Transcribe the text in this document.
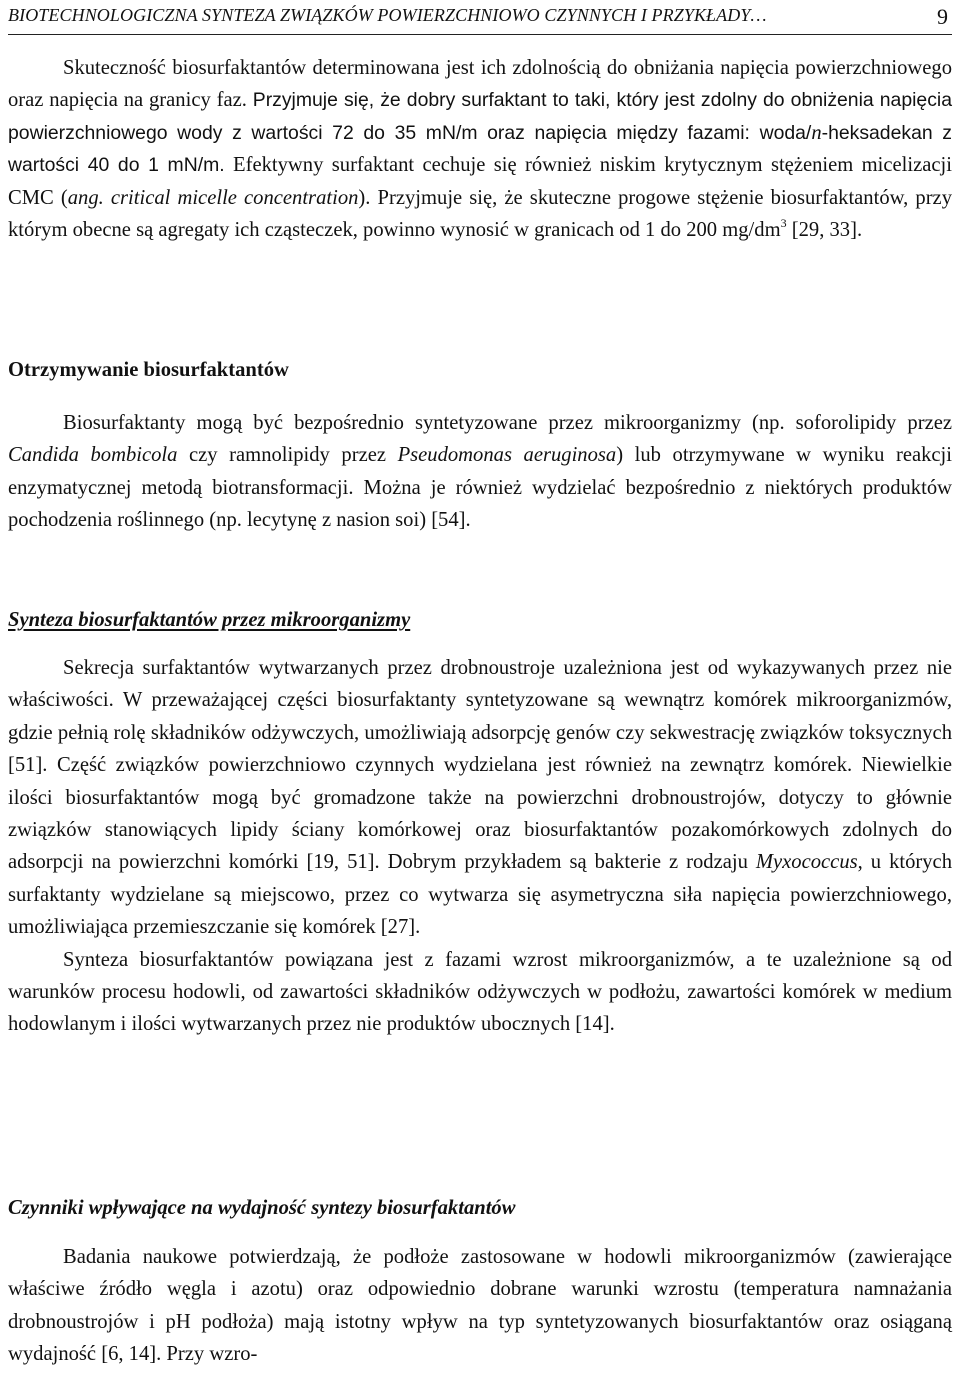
BIOTECHNOLOGICZNA SYNTEZA ZWIĄZKÓW POWIERZCHNIOWO CZYNNYCH I PRZYKŁADY…	9

Skuteczność biosurfaktantów determinowana jest ich zdolnością do obniżania napięcia powierzchniowego oraz napięcia na granicy faz. Przyjmuje się, że dobry surfaktant to taki, który jest zdolny do obniżenia napięcia powierzchniowego wody z wartości 72 do 35 mN/m oraz napięcia między fazami: woda/n-heksadekan z wartości 40 do 1 mN/m. Efektywny surfaktant cechuje się również niskim krytycznym stężeniem micelizacji CMC (ang. critical micelle concentration). Przyjmuje się, że skuteczne progowe stężenie biosurfaktantów, przy którym obecne są agregaty ich cząsteczek, powinno wynosić w granicach od 1 do 200 $mg/dm^3$ [29, 33].

Otrzymywanie biosurfaktantów

Biosurfaktanty mogą być bezpośrednio syntetyzowane przez mikroorganizmy (np. soforolipidy przez Candida bombicola czy ramnolipidy przez Pseudomonas aeruginosa) lub otrzymywane w wyniku reakcji enzymatycznej metodą biotransformacji. Można je również wydzielać bezpośrednio z niektórych produktów pochodzenia roślinnego (np. lecytynę z nasion soi) [54].

Synteza biosurfaktantów przez mikroorganizmy

Sekrecja surfaktantów wytwarzanych przez drobnoustroje uzależniona jest od wykazywanych przez nie właściwości. W przeważającej części biosurfaktanty syntetyzowane są wewnątrz komórek mikroorganizmów, gdzie pełnią rolę składników odżywczych, umożliwiają adsorpcję genów czy sekwestrację związków toksycznych [51]. Część związków powierzchniowo czynnych wydzielana jest również na zewnątrz komórek. Niewielkie ilości biosurfaktantów mogą być gromadzone także na powierzchni drobnoustrojów, dotyczy to głównie związków stanowiących lipidy ściany komórkowej oraz biosurfaktantów pozakomórkowych zdolnych do adsorpcji na powierzchni komórki [19, 51]. Dobrym przykładem są bakterie z rodzaju Myxococcus, u których surfaktanty wydzielane są miejscowo, przez co wytwarza się asymetryczna siła napięcia powierzchniowego, umożliwiająca przemieszczanie się komórek [27].

Synteza biosurfaktantów powiązana jest z fazami wzrost mikroorganizmów, a te uzależnione są od warunków procesu hodowli, od zawartości składników odżywczych w podłożu, zawartości komórek w medium hodowlanym i ilości wytwarzanych przez nie produktów ubocznych [14].

Czynniki wpływające na wydajność syntezy biosurfaktantów

Badania naukowe potwierdzają, że podłoże zastosowane w hodowli mikroorganizmów (zawierające właściwe źródło węgla i azotu) oraz odpowiednio dobrane warunki wzrostu (temperatura namnażania drobnoustrojów i pH podłoża) mają istotny wpływ na typ syntetyzowanych biosurfaktantów oraz osiąganą wydajność [6, 14]. Przy wzro-
